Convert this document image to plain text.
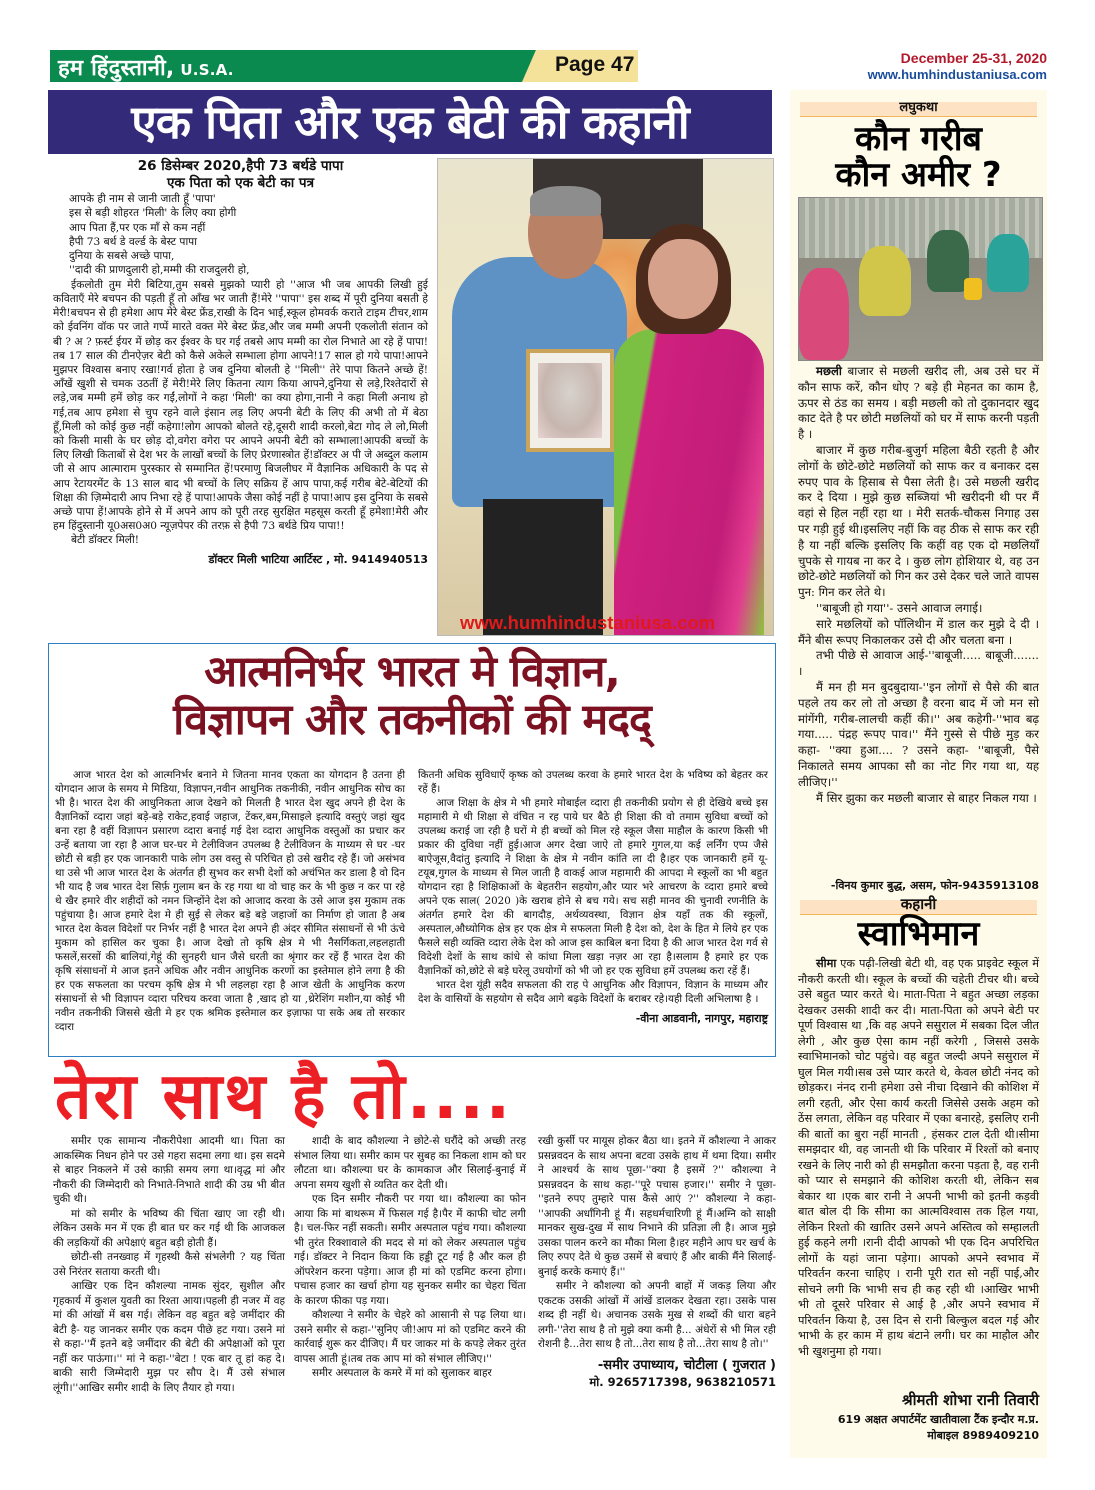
हम हिंदुस्तानी, U.S.A.	Page 47	December 25-31, 2020
www.humhindustaniusa.com
एक पिता और एक बेटी की कहानी
26 डिसेम्बर 2020,हैपी 73 बर्थडे पापा
एक पिता को एक बेटी का पत्र
आपके ही नाम से जानी जाती हूँ 'पापा'
इस से बड़ी शोहरत 'मिली' के लिए क्या होगी
आप पिता हैं,पर एक माँ से कम नहीं
हैपी 73 बर्थ डे वर्ल्ड के बेस्ट पापा
दुनिया के सबसे अच्छे पापा,
''दादी की प्राणदुलारी हो,मम्मी की राजदुलरी हो,

ईकलोती तुम मेरी बिटिया,तुम सबसे मुझको प्यारी हो ''आज भी जब आपकी लिखी हुई कविताएँ मेरे बचपन की पड़ती हूँ तो आँख भर जाती हैं!मेरे ''पापा'' इस शब्द में पूरी दुनिया बसती हे मेरी!बचपन से ही हमेशा आप मेरे बेस्ट फ्रेंड,राखी के दिन भाई,स्कूल होमवर्क कराते टाइम टीचर,शाम को ईवनिंग वॉक पर जाते गप्पें मारते वक्त मेरे बेस्ट फ्रेंड,और जब मम्मी अपनी एकलोती संतान को बी ? अ ? फ़र्स्ट ईयर में छोड़ कर ईश्वर के घर गई तबसे आप मम्मी का रोल निभाते आ रहे हें पापा! तब 17 साल की टीनऐज़र बेटी को कैसे अकेले सम्भाला होगा आपने!17 साल हो गये पापा!आपने मुझपर विश्वास बनाए रखा!गर्व होता हे जब दुनिया बोलती हे ''मिली'' तेरे पापा कितने अच्छे हें!आँखें खुशी से चमक उठतीं हें मेरी!मेरे लिए कितना त्याग किया आपने,दुनिया से लड़े,रिश्तेदारों से लड़े,जब मम्मी हमें छोड़ कर गईं,लोगों ने कहा 'मिली' का क्या होगा,नानी ने कहा मिली अनाथ हो गई,तब आप हमेशा से चुप रहने वाले इंसान लड़ लिए अपनी बेटी के लिए की अभी तो में बेठा हूँ,मिली को कोई कुछ नहीं कहेगा!लोग आपको बोलते रहे,दूसरी शादी करलो,बेटा गोद ले लो,मिली को किसी मासी के घर छोड़ दो,वगेरा वगेरा पर आपने अपनी बेटी को सम्भाला!आपकी बच्चों के लिए लिखी किताबों से देश भर के लाखों बच्चों के लिए प्रेरणास्त्रोत हें!डॉक्टर अ पी जे अब्दुल कलाम जी से आप आत्माराम पुरस्कार से सम्मानित हें!परमाणु बिजलीघर में वैज्ञानिक अधिकारी के पद से आप रेटायरमेंट के 13 साल बाद भी बच्चों के लिए सक्रिय हें आप पापा,कई गरीब बेटे-बेटियों की शिक्षा की ज़िम्मेदारी आप निभा रहे हें पापा!आपके जैसा कोई नहीं हे पापा!आप इस दुनिया के सबसे अच्छे पापा हें!आपके होने से में अपने आप को पूरी तरह सुरक्षित महसूस करती हूँ हमेशा!मेरी और हम हिंदुस्तानी यू0अस0अ0 न्यूज़पेपर की तरफ़ से हैपी 73 बर्थडे प्रिय पापा!!

बेटी डॉक्टर मिली!

डॉक्टर मिली भाटिया आर्टिस्ट , मो. 9414940513
www.humhindustaniusa.com
लघुकथा
कौन गरीब
कौन अमीर ?

मछली बाजार से मछली खरीद ली, अब उसे घर में कौन साफ करें, कौन धोए ? बड़े ही मेहनत का काम है, ऊपर से ठंड का समय । बड़ी मछली को तो दुकानदार खुद काट देते है पर छोटी मछलियों को घर में साफ करनी पड़ती है ।

बाजार में कुछ गरीब-बुजुर्ग महिला बैठी रहती है और लोगों के छोटे-छोटे मछलियों को साफ कर व बनाकर दस रुपए पाव के हिसाब से पैसा लेती है। उसे मछली खरीद कर दे दिया । मुझे कुछ सब्जियां भी खरीदनी थी पर मैं वहां से हिल नहीं रहा था । मेरी सतर्क-चौकस निगाह उस पर गड़ी हुई थी।इसलिए नहीं कि वह ठीक से साफ कर रही है या नहीं बल्कि इसलिए कि कहीं वह एक दो मछलियाँ चुपके से गायब ना कर दे । कुछ लोग होशियार थे, वह उन छोटे-छोटे मछलियों को गिन कर उसे देकर चले जाते वापस पुन: गिन कर लेते थे।

''बाबूजी हो गया''- उसने आवाज लगाई।

सारे मछलियों को पॉलिथीन में डाल कर मुझे दे दी । मैंने बीस रूपए निकालकर उसे दी और चलता बना ।

तभी पीछे से आवाज आई-''बाबूजी..... बाबूजी....... ।

मैं मन ही मन बुदबुदाया-''इन लोगों से पैसे की बात पहले तय कर लो तो अच्छा है वरना बाद में जो मन सो मांगेंगी, गरीब-लालची कहीं की।'' अब कहेगी-''भाव बढ़ गया..... पंद्रह रूपए पाव।'' मैंने गुस्से से पीछे मुड़ कर कहा- ''क्या हुआ.... ? उसने कहा- ''बाबूजी, पैसे निकालते समय आपका सौ का नोट गिर गया था, यह लीजिए।''

मैं सिर झुका कर मछली बाजार से बाहर निकल गया ।

-विनय कुमार बुद्ध, असम, फोन-9435913108
कहानी
स्वाभिमान

सीमा एक पढ़ी-लिखी बेटी थी, वह एक प्राइवेट स्कूल में नौकरी करती थी। स्कूल के बच्चों की चहेती टीचर थी। बच्चे उसे बहुत प्यार करते थे। माता-पिता ने बहुत अच्छा लड़का देखकर उसकी शादी कर दी। माता-पिता को अपने बेटी पर पूर्ण विश्वास था ,कि वह अपने ससुराल में सबका दिल जीत लेगी , और कुछ ऐसा काम नहीं करेगी , जिससे उसके स्वाभिमानको चोट पहुंचे। वह बहुत जल्दी अपने ससुराल में घुल मिल गयी।सब उसे प्यार करते थे, केवल छोटी नंनद को छोड़कर। नंनद रानी हमेशा उसे नीचा दिखाने की कोशिश में लगी रहती, और ऐसा कार्य करती जिसेसे उसके अहम को ठेंस लगता, लेकिन वह परिवार में एका बनारहे, इसलिए रानी की बातों का बुरा नहीं मानती , हंसकर टाल देती थी।सीमा समझदार थी, वह जानती थी कि परिवार में रिश्तों को बनाए रखने के लिए नारी को ही समझौता करना पड़ता है, वह रानी को प्यार से समझाने की कोशिश करती थी, लेकिन सब बेकार था ।एक बार रानी ने अपनी भाभी को इतनी कड़वी बात बोल दी कि सीमा का आत्मविश्वास तक हिल गया, लेकिन रिश्तो की खातिर उसने अपने अस्तित्व को सम्हालती हुई कहने लगी ।रानी दीदी आपको भी एक दिन अपरिचित लोगों के यहां जाना पड़ेगा। आपको अपने स्वभाव में परिवर्तन करना चाहिए । रानी पूरी रात सो नहीं पाई,और सोचने लगी कि भाभी सच ही कह रही थी ।आखिर भाभी भी तो दूसरे परिवार से आई है ,और अपने स्वभाव में परिवर्तन किया है, उस दिन से रानी बिल्कुल बदल गई और भाभी के हर काम में हाथ बंटाने लगी। घर का माहौल और भी खुशनुमा हो गया।

श्रीमती शोभा रानी तिवारी
619 अक्षत अपार्टमेंट खातीवाला टैंक इन्दौर म.प्र.
मोबाइल 8989409210
आत्मनिर्भर भारत मे विज्ञान,
विज्ञापन और तकनीकों की मदद्

आज भारत देश को आत्मनिर्भर बनाने मे जितना मानव एकता का योगदान है उतना ही योगदान आज के समय मे मिडिया, विज्ञापन,नवीन आधुनिक तकनीकी, नवीन आधुनिक सोच का भी है। भारत देश की आधुनिकता आज देखने को मिलती है भारत देश खुद अपने ही देश के वैज्ञानिकों व्दारा जहां बड़े-बड़े राकेट,हवाई जहाज, टेंकर,बम,मिसाइले इत्यादि वस्तुएं जहां खुद बना रहा है वहीं विज्ञापन प्रसारण व्दारा बनाई गई देश व्दारा आधुनिक वस्तुओं का प्रचार कर उन्हें बताया जा रहा है आज घर-घर मे टेलीविजन उपलब्ध है टेलीविजन के माध्यम से घर -घर छोटी से बड़ी हर एक जानकारी पाके लोग उस वस्तु से परिचित हो उसे खरीद रहे हैं। जो असंभव था उसे भी आज भारत देश के अंतर्गत ही सुभव कर सभी देशों को अचंभित कर डाला है वो दिन भी याद है जब भारत देश सिर्फ़ गुलाम बन के रह गया था वो चाह कर के भी कुछ न कर पा रहे थे खैर हमारे वीर शहीदों को नमन जिन्होंने देश को आजाद करवा के उसे आज इस मुकाम तक पहुंचाया है। आज हमारे देश मे ही सुई से लेकर बड़े बड़े जहाजों का निर्माण हो जाता है अब भारत देश केवल विदेशों पर निर्भर नहीं है भारत देश अपने ही अंदर सीमित संसाधनों से भी ऊंचे मुकाम को हासिल कर चुका है। आज देखो तो कृषि क्षेत्र मे भी नैसर्गिकता,लहलहाती फसलें,सरसों की बालियां,गेहूं की सुनहरी धान जैसे धरती का श्रृंगार कर रहें हैं भारत देश की कृषि संसाधनों मे आज इतने अधिक और नवीन आधुनिक करणों का इस्तेमाल होने लगा है की हर एक सफलता का परचम कृषि क्षेत्र मे भी लहलहा रहा है आज खेती के आधुनिक करण संसाधनों से भी विज्ञापन व्दारा परिचय करवा जाता है ,खाद हो या ,थ्रेरेशिंग मशीन,या कोई भी नवीन तकनीकी जिससे खेती मे हर एक श्रमिक इस्तेमाल कर इज़ाफा पा सके अब तो सरकार व्दारा

कितनी अधिक सुविधाऐं कृष्क को उपलब्ध करवा के हमारे भारत देश के भविष्य को बेहतर कर रहें हैं।

आज शिक्षा के क्षेत्र मे भी हमारे मोबाईल व्दारा ही तकनीकी प्रयोग से ही देखिये बच्चे इस महामारी मे थी शिक्षा से वंचित न रह पाये घर बैठे ही शिक्षा की वो तमाम सुविधा बच्चों को उपलब्ध कराई जा रही है घरों मे ही बच्चों को मिल रहे स्कूल जैसा माहौल के कारण किसी भी प्रकार की दुविधा नहीं हुई।आज अगर देखा जाऐ तो हमारे गुगल,या कई लर्निंग एप्प जैसे बाऐजूस,वैदांतु इत्यादि ने शिक्षा के क्षेत्र मे नवीन कांति ला दी है।हर एक जानकारी हमें यू-टयूब,गुगल के माध्यम से मिल जाती है वाकई आज महामारी की आपदा मे स्कूलों का भी बहुत योगदान रहा है शिक्षिकाओं के बेहतरीन सहयोग,और प्यार भरे आचरण के व्दारा हमारे बच्चे अपने एक साल( 2020 )के खराब होने से बच गये। सच सही मानव की चुनावी रणनीति के अंतर्गत हमारे देश की बागदौड़, अर्थव्यवस्था, विज्ञान क्षेत्र यहाँ तक की स्कूलों, अस्पताल,औध्योगिक क्षेत्र हर एक क्षेत्र मे सफलता मिली है देश को, देश के हित मे लिये हर एक फैसले सही व्यक्ति व्दारा लेके देश को आज इस काबिल बना दिया है की आज भारत देश गर्व से विदेशी देशों के साथ कांधे से कांधा मिला खड़ा नज़र आ रहा है।सलाम है हमारे हर एक वैज्ञानिकों को,छोटे से बड़े घरेलू उधयोगों को भी जो हर एक सुविधा हमें उपलब्ध करा रहें हैं।

भारत देश यूंही सदैव सफलता की राह पे आधुनिक और विज्ञापन, विज्ञान के माध्यम और देश के वासियों के सहयोग से सदैव आगे बढ़के विदेशों के बराबर रहे।यही दिली अभिलाषा है ।

-वीना आडवानी, नागपुर, महाराष्ट्र
तेरा साथ है तो....

समीर एक सामान्य नौकरीपेशा आदमी था। पिता का आकस्मिक निधन होने पर उसे गहरा सदमा लगा था। इस सदमे से बाहर निकलने में उसे काफ़ी समय लगा था।वृद्ध मां और नौकरी की जिम्मेदारी को निभाते-निभाते शादी की उम्र भी बीत चुकी थी।

मां को समीर के भविष्य की चिंता खाए जा रही थी। लेकिन उसके मन में एक ही बात घर कर गई थी कि आजकल की लड़कियों की अपेक्षाएं बहुत बड़ी होती हैं।

छोटी-सी तनख्वाह में गृहस्थी कैसे संभलेगी ? यह चिंता उसे निरंतर सताया करती थी।

आखिर एक दिन कौशल्या नामक सुंदर, सुशील और गृहकार्य में कुशल युवती का रिश्ता आया।पहली ही नजर में वह मां की आंखों में बस गई। लेकिन वह बहुत बड़े जमींदार की बेटी है- यह जानकर समीर एक कदम पीछे हट गया। उसने मां से कहा-''मैं इतने बड़े जमींदार की बेटी की अपेक्षाओं को पूरा नहीं कर पाऊंगा।'' मां ने कहा-''बेटा ! एक बार तू हां कह दे।बाकी सारी जिम्मेदारी मुझ पर सौप दे। मैं उसे संभाल लूंगी।''आखिर समीर शादी के लिए तैयार हो गया।

शादी के बाद कौशल्या ने छोटे-से घरौंदे को अच्छी तरह संभाल लिया था। समीर काम पर सुबह का निकला शाम को घर लौटता था। कौशल्या घर के कामकाज और सिलाई-बुनाई में अपना समय खुशी से व्यतित कर देती थी।

एक दिन समीर नौकरी पर गया था। कौशल्या का फोन आया कि मां बाथरूम में फिसल गई है।पैर में काफी चोट लगी है। चल-फिर नहीं सकती। समीर अस्पताल पहुंच गया। कौशल्या भी तुरंत रिक्शावाले की मदद से मां को लेकर अस्पताल पहुंच गई। डॉक्टर ने निदान किया कि हड्डी टूट गई है और कल ही ऑपरेशन करना पड़ेगा। आज ही मां को एडमिट करना होगा।पचास हजार का खर्चा होगा यह सुनकर समीर का चेहरा चिंता के कारण फीका पड़ गया।

कौशल्या ने समीर के चेहरे को आसानी से पढ़ लिया था। उसने समीर से कहा-''सुनिए जी!आप मां को एडमिट करने की कार्रवाई शुरू कर दीजिए। मैं घर जाकर मां के कपड़े लेकर तुरंत वापस आती हूं।तब तक आप मां को संभाल लीजिए।''

समीर अस्पताल के कमरे में मां को सुलाकर बाहर

रखी कुर्सी पर मायूस होकर बैठा था। इतने में कौशल्या ने आकर प्रसन्नवदन के साथ अपना बटवा उसके हाथ में थमा दिया। समीर ने आश्चर्य के साथ पूछा-''क्या है इसमें ?'' कौशल्या ने प्रसन्नवदन के साथ कहा-''पूरे पचास हजार।'' समीर ने पूछा-''इतने रुपए तुम्हारे पास कैसे आएं ?'' कौशल्या ने कहा-''आपकी अर्धांगिनी हूं मैं। सहधर्मचारिणी हूं मैं।अग्नि को साक्षी मानकर सुख-दुख में साथ निभाने की प्रतिज्ञा ली है। आज मुझे उसका पालन करने का मौका मिला है।हर महीने आप घर खर्च के लिए रुपए देते थे कुछ उसमें से बचाएं हैं और बाकी मैंने सिलाई-बुनाई करके कमाएं हैं।''

समीर ने कौशल्या को अपनी बाहों में जकड़ लिया और एकटक उसकी आंखों में आंखें डालकर देखता रहा। उसके पास शब्द ही नहीं थे। अचानक उसके मुख से शब्दों की धारा बहने लगी-''तेरा साथ है तो मुझे क्या कमी है... अंधेरों से भी मिल रही रोशनी है...तेरा साथ है तो...तेरा साथ है तो...तेरा साथ है तो।''

-समीर उपाध्याय, चोटीला ( गुजरात )
मो. 9265717398, 9638210571
